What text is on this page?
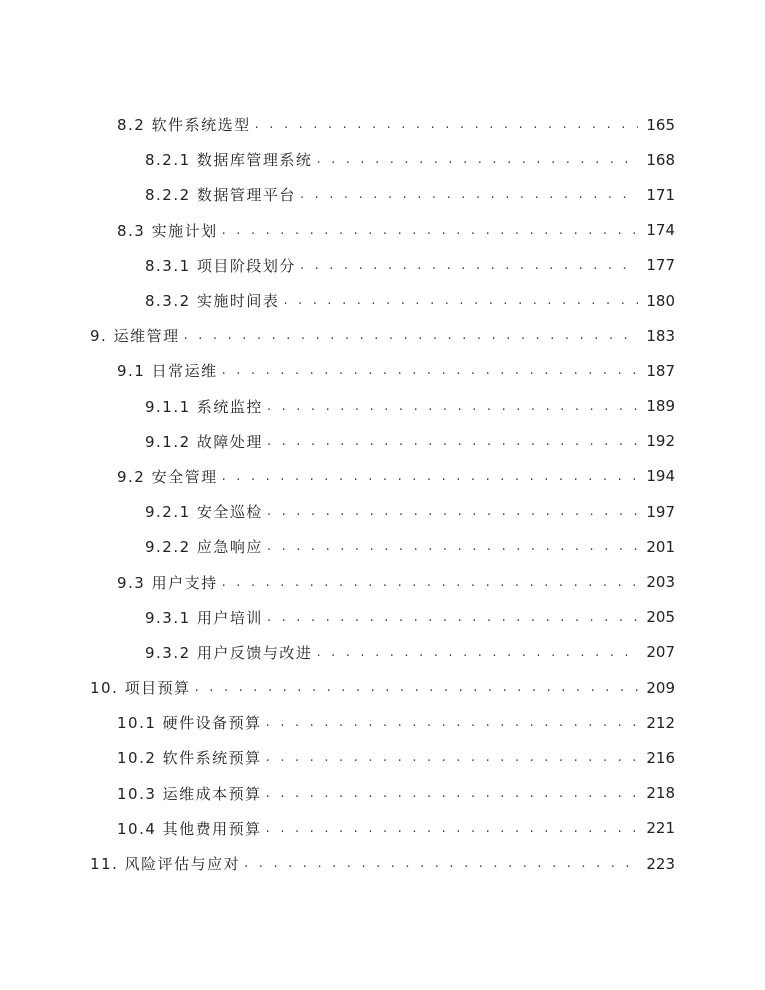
8.2 软件系统选型 . . .	165
8.2.1 数据库管理系统 . . .	168
8.2.2 数据管理平台 . . .	171
8.3 实施计划 . . .	174
8.3.1 项目阶段划分 . . .	177
8.3.2 实施时间表 . . .	180
9. 运维管理 . . .	183
9.1 日常运维 . . .	187
9.1.1 系统监控 . . .	189
9.1.2 故障处理 . . .	192
9.2 安全管理 . . .	194
9.2.1 安全巡检 . . .	197
9.2.2 应急响应 . . .	201
9.3 用户支持 . . .	203
9.3.1 用户培训 . . .	205
9.3.2 用户反馈与改进 . . .	207
10. 项目预算 . . .	209
10.1 硬件设备预算 . . .	212
10.2 软件系统预算 . . .	216
10.3 运维成本预算 . . .	218
10.4 其他费用预算 . . .	221
11. 风险评估与应对 . . .	223
